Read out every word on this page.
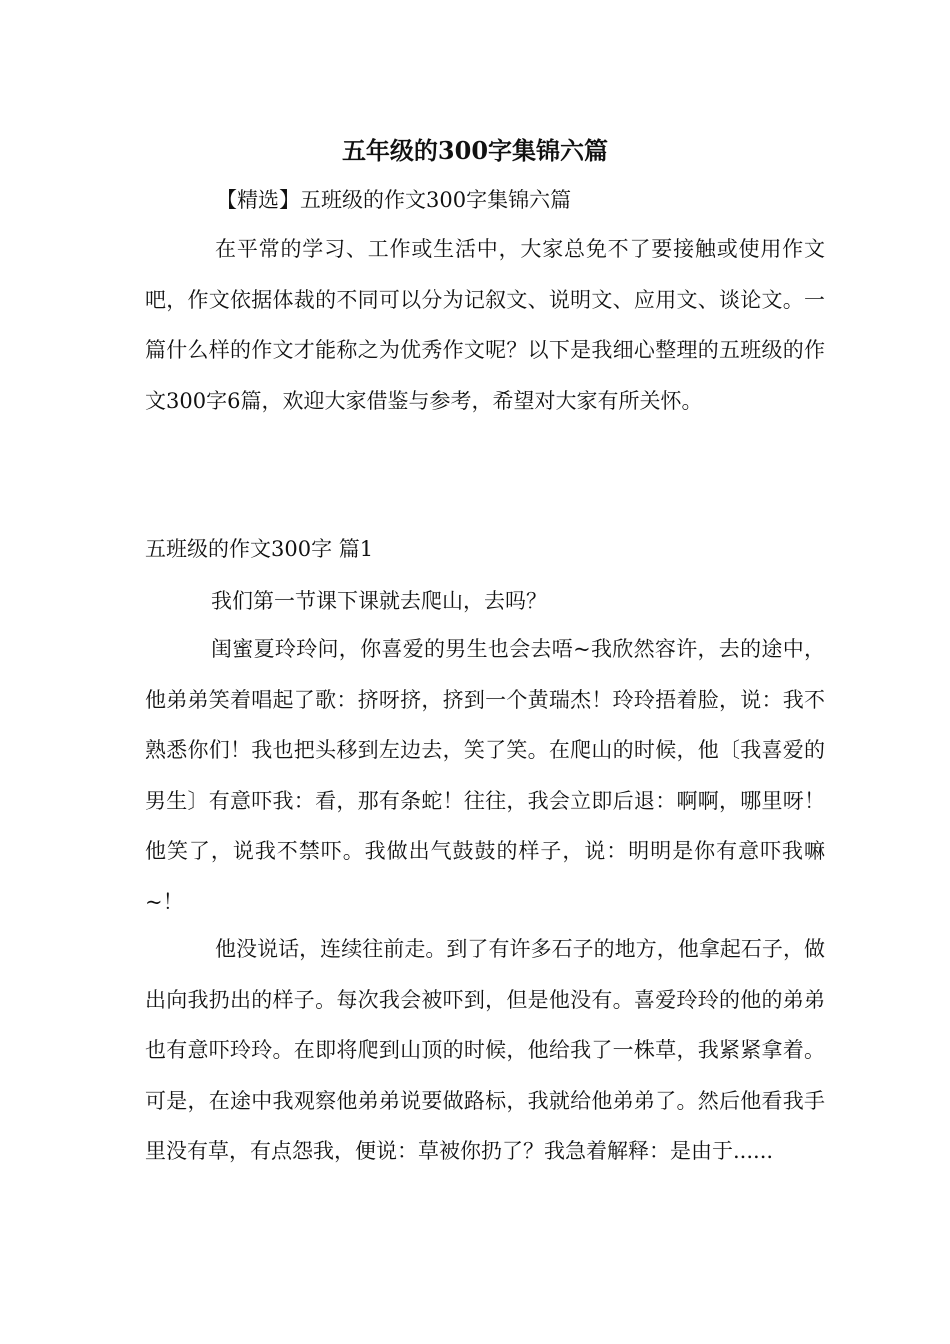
五年级的300字集锦六篇

【精选】五班级的作文300字集锦六篇

在平常的学习、工作或生活中，大家总免不了要接触或使用作文吧，作文依据体裁的不同可以分为记叙文、说明文、应用文、谈论文。一篇什么样的作文才能称之为优秀作文呢？以下是我细心整理的五班级的作文300字6篇，欢迎大家借鉴与参考，希望对大家有所关怀。

五班级的作文300字 篇1

我们第一节课下课就去爬山，去吗？

闺蜜夏玲玲问，你喜爱的男生也会去唔~我欣然容许，去的途中，他弟弟笑着唱起了歌：挤呀挤，挤到一个黄瑞杰！玲玲捂着脸，说：我不熟悉你们！我也把头移到左边去，笑了笑。在爬山的时候，他〔我喜爱的男生〕有意吓我：看，那有条蛇！往往，我会立即后退：啊啊，哪里呀！他笑了，说我不禁吓。我做出气鼓鼓的样子，说：明明是你有意吓我嘛~！

他没说话，连续往前走。到了有许多石子的地方，他拿起石子，做出向我扔出的样子。每次我会被吓到，但是他没有。喜爱玲玲的他的弟弟也有意吓玲玲。在即将爬到山顶的时候，他给我了一株草，我紧紧拿着。可是，在途中我观察他弟弟说要做路标，我就给他弟弟了。然后他看我手里没有草，有点怨我，便说：草被你扔了？我急着解释：是由于......
